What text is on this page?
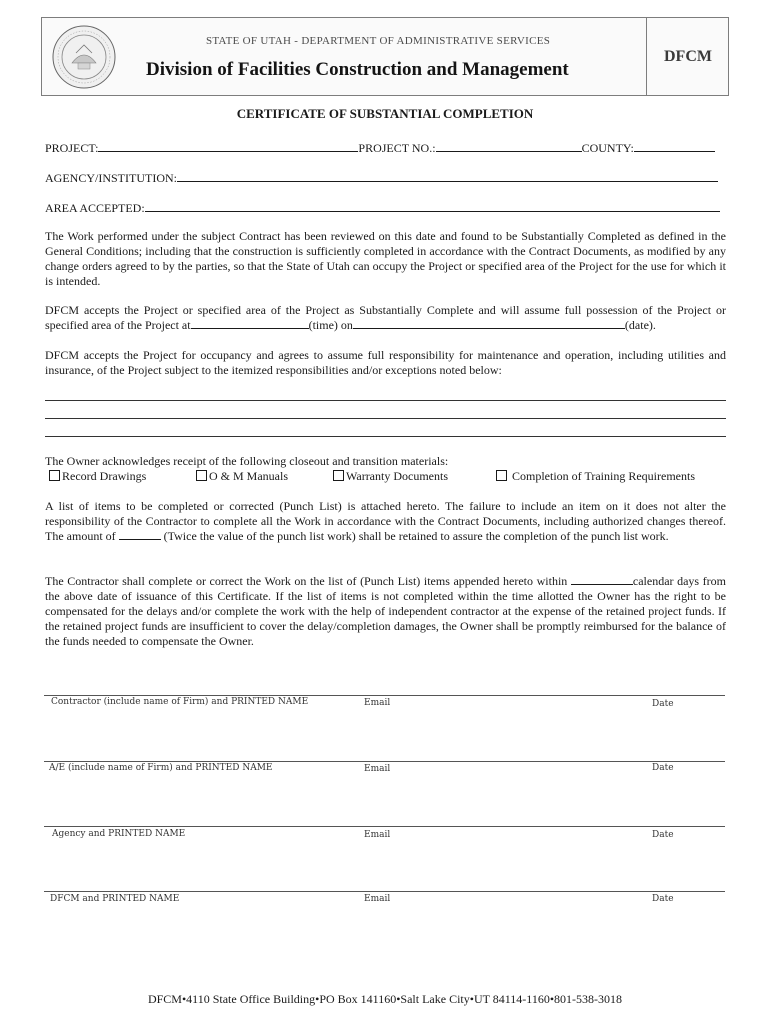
STATE OF UTAH - DEPARTMENT OF ADMINISTRATIVE SERVICES
Division of Facilities Construction and Management
DFCM
CERTIFICATE OF SUBSTANTIAL COMPLETION
PROJECT:	PROJECT NO.:	COUNTY:
AGENCY/INSTITUTION:
AREA ACCEPTED:
The Work performed under the subject Contract has been reviewed on this date and found to be Substantially Completed as defined in the General Conditions; including that the construction is sufficiently completed in accordance with the Contract Documents, as modified by any change orders agreed to by the parties, so that the State of Utah can occupy the Project or specified area of the Project for the use for which it is intended.
DFCM accepts the Project or specified area of the Project as Substantially Complete and will assume full possession of the Project or specified area of the Project at	(time) on	(date).
DFCM accepts the Project for occupancy and agrees to assume full responsibility for maintenance and operation, including utilities and insurance, of the Project subject to the itemized responsibilities and/or exceptions noted below:
The Owner acknowledges receipt of the following closeout and transition materials:
Record Drawings	O & M Manuals	Warranty Documents	Completion of Training Requirements
A list of items to be completed or corrected (Punch List) is attached hereto. The failure to include an item on it does not alter the responsibility of the Contractor to complete all the Work in accordance with the Contract Documents, including authorized changes thereof. The amount of	(Twice the value of the punch list work) shall be retained to assure the completion of the punch list work.
The Contractor shall complete or correct the Work on the list of (Punch List) items appended hereto within	calendar days from the above date of issuance of this Certificate. If the list of items is not completed within the time allotted the Owner has the right to be compensated for the delays and/or complete the work with the help of independent contractor at the expense of the retained project funds. If the retained project funds are insufficient to cover the delay/completion damages, the Owner shall be promptly reimbursed for the balance of the funds needed to compensate the Owner.
Contractor (include name of Firm) and PRINTED NAME	Email	Date
A/E (include name of Firm) and PRINTED NAME	Email	Date
Agency and PRINTED NAME	Email	Date
DFCM and PRINTED NAME	Email	Date
DFCM•4110 State Office Building•PO Box 141160•Salt Lake City•UT 84114-1160•801-538-3018
